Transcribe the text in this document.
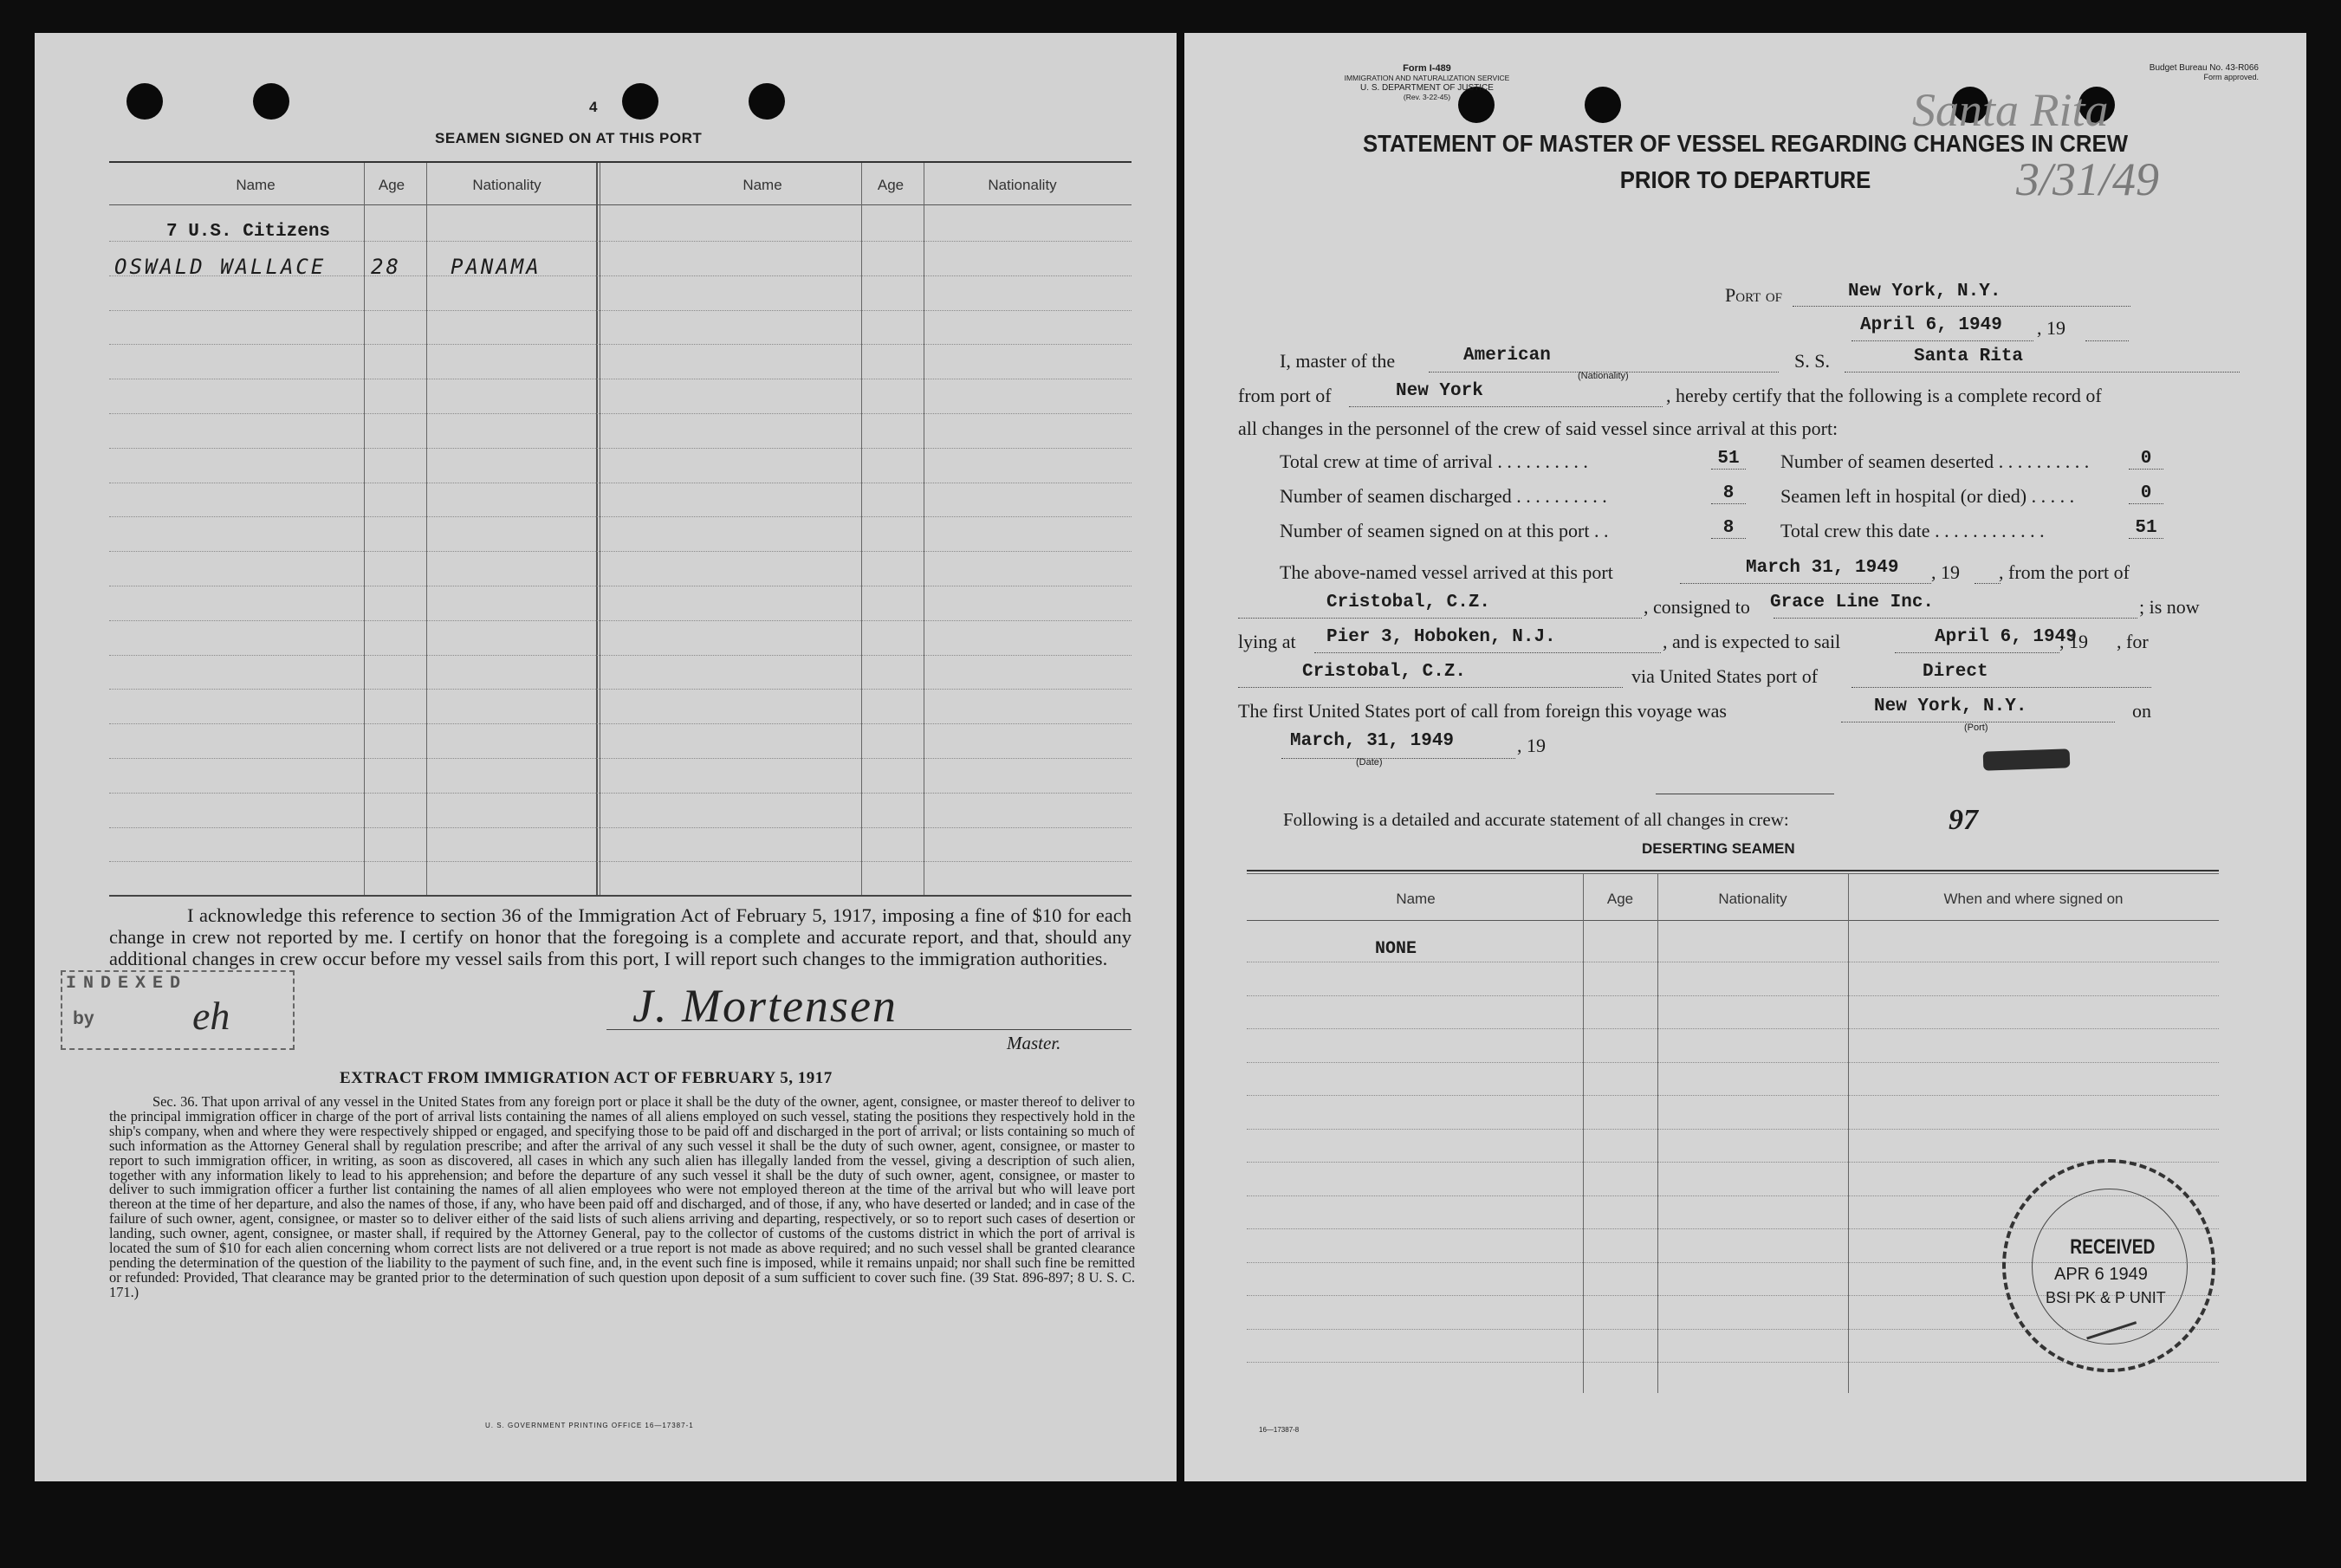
4
SEAMEN SIGNED ON AT THIS PORT
Name	Age	Nationality	Name	Age	Nationality
7 U.S. Citizens
OSWALD WALLACE 28 PANAMA
I acknowledge this reference to section 36 of the Immigration Act of February 5, 1917, imposing a fine of $10 for each change in crew not reported by me. I certify on honor that the foregoing is a complete and accurate report, and that, should any additional changes in crew occur before my vessel sails from this port, I will report such changes to the immigration authorities.
INDEXED
by eh	J. Mortensen
Master.
EXTRACT FROM IMMIGRATION ACT OF FEBRUARY 5, 1917
Sec. 36. That upon arrival of any vessel in the United States from any foreign port or place it shall be the duty of the owner, agent, consignee, or master thereof to deliver to the principal immigration officer in charge of the port of arrival lists containing the names of all aliens employed on such vessel, stating the positions they respectively hold in the ship's company, when and where they were respectively shipped or engaged, and specifying those to be paid off and discharged in the port of arrival; or lists containing so much of such information as the Attorney General shall by regulation prescribe; and after the arrival of any such vessel it shall be the duty of such owner, agent, consignee, or master to report to such immigration officer, in writing, as soon as discovered, all cases in which any such alien has illegally landed from the vessel, giving a description of such alien, together with any information likely to lead to his apprehension; and before the departure of any such vessel it shall be the duty of such owner, agent, consignee, or master to deliver to such immigration officer a further list containing the names of all alien employees who were not employed thereon at the time of the arrival but who will leave port thereon at the time of her departure, and also the names of those, if any, who have been paid off and discharged, and of those, if any, who have deserted or landed; and in case of the failure of such owner, agent, consignee, or master so to deliver either of the said lists of such aliens arriving and departing, respectively, or so to report such cases of desertion or landing, such owner, agent, consignee, or master shall, if required by the Attorney General, pay to the collector of customs of the customs district in which the port of arrival is located the sum of $10 for each alien concerning whom correct lists are not delivered or a true report is not made as above required; and no such vessel shall be granted clearance pending the determination of the question of the liability to the payment of such fine, and, in the event such fine is imposed, while it remains unpaid; nor shall such fine be remitted or refunded: Provided, That clearance may be granted prior to the determination of such question upon deposit of a sum sufficient to cover such fine. (39 Stat. 896-897; 8 U. S. C. 171.)
U. S. GOVERNMENT PRINTING OFFICE 16—17387-1
Form I-489
IMMIGRATION AND NATURALIZATION SERVICE
U. S. DEPARTMENT OF JUSTICE
(Rev. 3-22-45)
Budget Bureau No. 43-R066
Form approved.
Santa Rita
3/31/49
STATEMENT OF MASTER OF VESSEL REGARDING CHANGES IN CREW
PRIOR TO DEPARTURE
Port of	New York, N.Y.
April 6, 1949 , 19
I, master of the	American
(Nationality)
S. S.	Santa Rita
from port of	New York	, hereby certify that the following is a complete record of
all changes in the personnel of the crew of said vessel since arrival at this port:
Total crew at time of arrival . . . . . . . . . .	51	Number of seamen deserted . . . . . . . . . .	0
Number of seamen discharged . . . . . . . . . .	8	Seamen left in hospital (or died) . . . . .	0
Number of seamen signed on at this port . .	8	Total crew this date . . . . . . . . . . . .	51
The above-named vessel arrived at this port	March 31, 1949 , 19 , from the port of
Cristobal, C.Z.	, consigned to Grace Line Inc.	; is now
lying at Pier 3, Hoboken, N.J.	, and is expected to sail	April 6, 1949
, 19      , for
Cristobal, C.Z.	via United States port of	Direct
The first United States port of call from foreign this voyage was	New York, N.Y.
(Port)
on
March, 31, 1949
(Date)
, 19
Following is a detailed and accurate statement of all changes in crew:	97
DESERTING SEAMEN
Name	Age	Nationality	When and where signed on
NONE
16—17387-8
RECEIVED
APR 6 1949
BSI PK & P UNIT
